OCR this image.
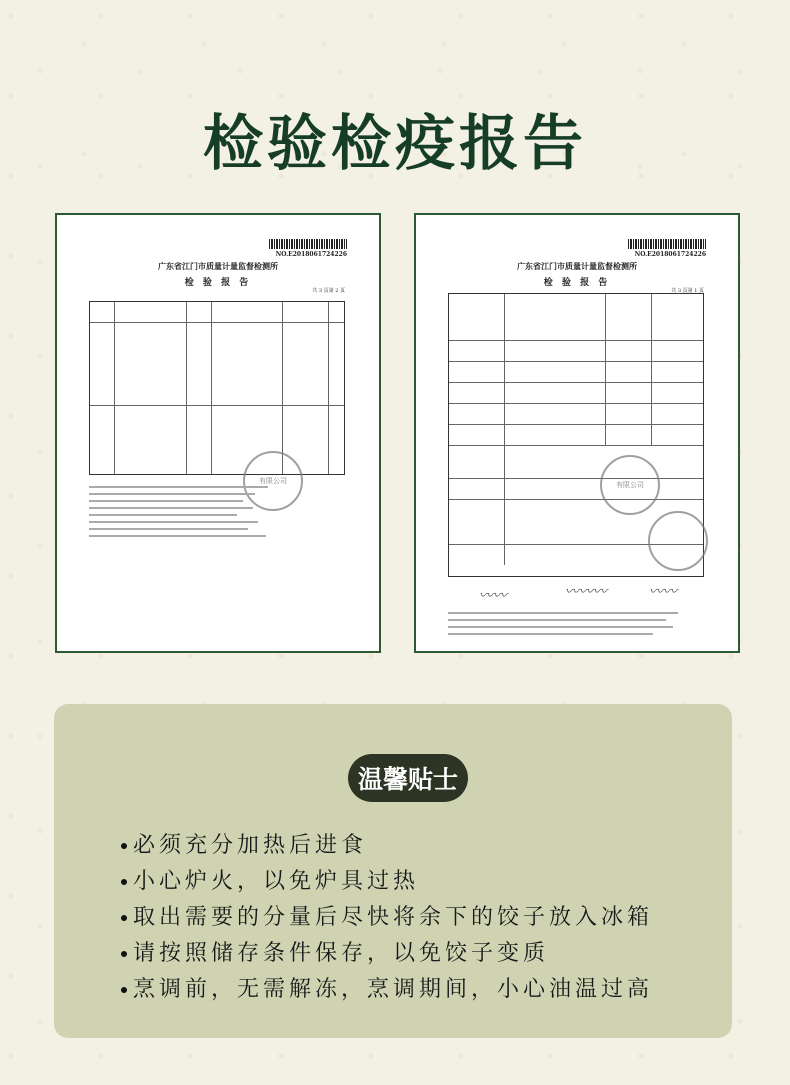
检验检疫报告
NO.E2018061724226
广东省江门市质量计量监督检测所
检 验 报 告
共 3 页第 2 页
有限公司
NO.E2018061724226
广东省江门市质量计量监督检测所
检 验 报 告
共 3 页第 1 页
有限公司
〰〰	〰〰〰	〰〰
温馨贴士
必须充分加热后进食
小心炉火，以免炉具过热
取出需要的分量后尽快将余下的饺子放入冰箱
请按照储存条件保存，以免饺子变质
烹调前，无需解冻，烹调期间，小心油温过高
